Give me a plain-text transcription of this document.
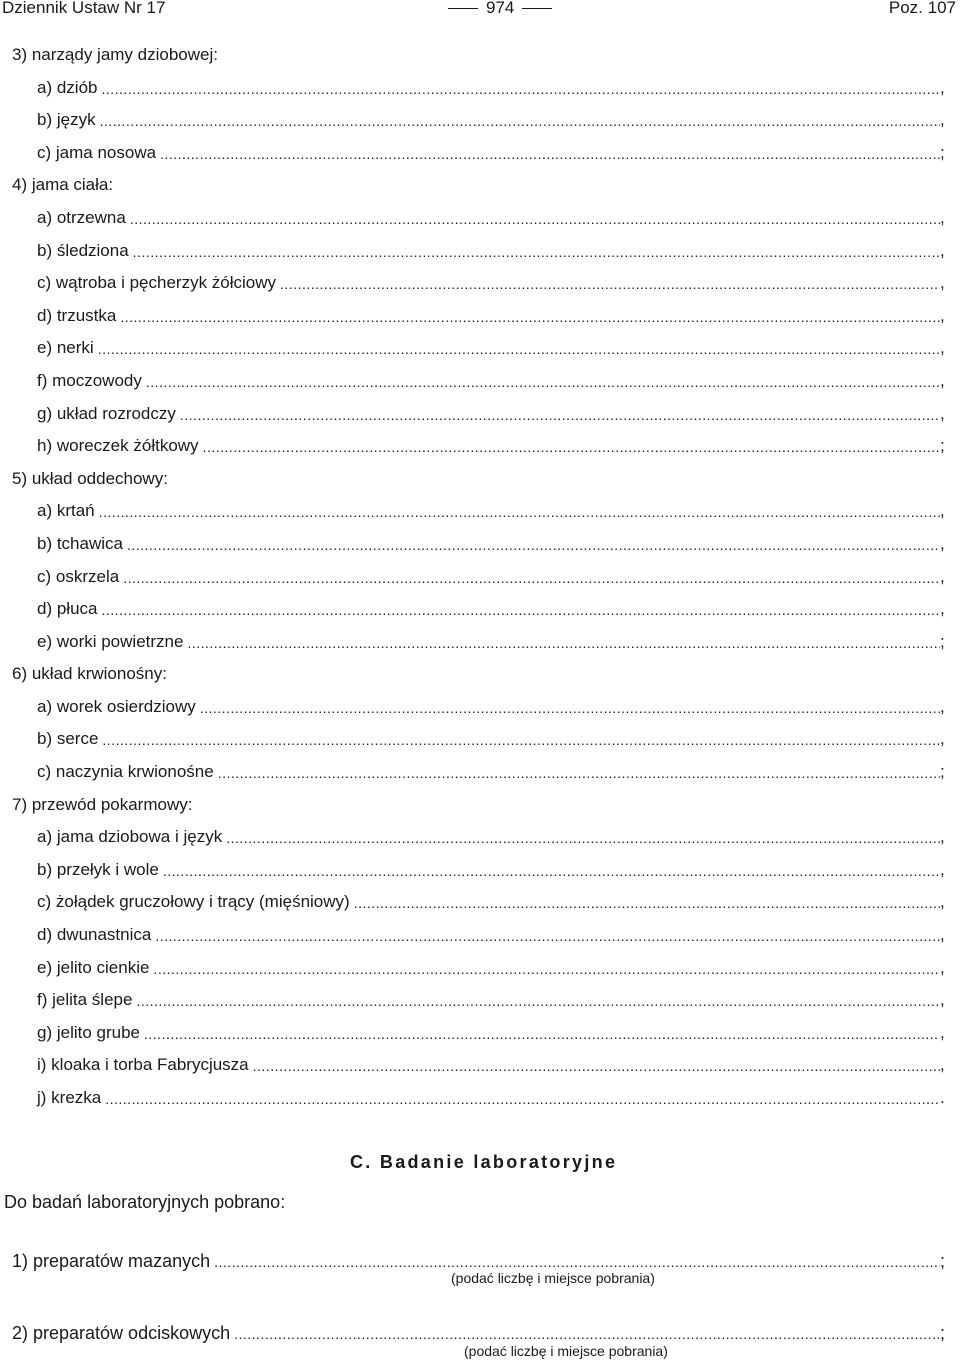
Dziennik Ustaw Nr 17	974	Poz. 107
3) narządy jamy dziobowej:
a) dziób .....	,
b) język .....	,
c) jama nosowa .....	;
4) jama ciała:
a) otrzewna .....	,
b) śledziona .....	,
c) wątroba i pęcherzyk żółciowy .....	,
d) trzustka .....	,
e) nerki .....	,
f) moczowody .....	,
g) układ rozrodczy .....	,
h) woreczek żółtkowy .....	;
5) układ oddechowy:
a) krtań .....	,
b) tchawica .....	,
c) oskrzela .....	,
d) płuca .....	,
e) worki powietrzne .....	;
6) układ krwionośny:
a) worek osierdziowy .....	,
b) serce .....	,
c) naczynia krwionośne .....	;
7) przewód pokarmowy:
a) jama dziobowa i język .....	,
b) przełyk i wole .....	,
c) żołądek gruczołowy i trący (mięśniowy) .....	,
d) dwunastnica .....	,
e) jelito cienkie .....	,
f) jelita ślepe .....	,
g) jelito grube .....	,
i) kloaka i torba Fabrycjusza .....	,
j) krezka .....	.
C. Badanie laboratoryjne
Do badań laboratoryjnych pobrano:
1) preparatów mazanych .....	;
(podać liczbę i miejsce pobrania)
2) preparatów odciskowych .....	;
(podać liczbę i miejsce pobrania)
